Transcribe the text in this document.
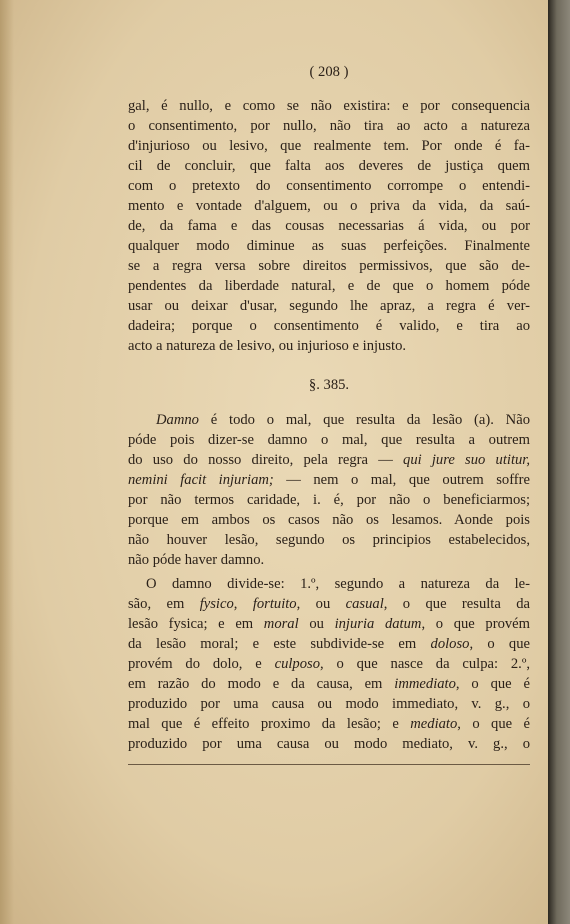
( 208 )
gal, é nullo, e como se não existira: e por consequencia
o consentimento, por nullo, não tira ao acto a natureza
d'injurioso ou lesivo, que realmente tem. Por onde é fa-
cil de concluir, que falta aos deveres de justiça quem
com o pretexto do consentimento corrompe o entendi-
mento e vontade d'alguem, ou o priva da vida, da saú-
de, da fama e das cousas necessarias á vida, ou por
qualquer modo diminue as suas perfeições. Finalmente
se a regra versa sobre direitos permissivos, que são de-
pendentes da liberdade natural, e de que o homem póde
usar ou deixar d'usar, segundo lhe apraz, a regra é ver-
dadeira; porque o consentimento é valido, e tira ao
acto a natureza de lesivo, ou injurioso e injusto.
§. 385.
Damno é todo o mal, que resulta da lesão (a). Não
póde pois dizer-se damno o mal, que resulta a outrem
do uso do nosso direito, pela regra — qui jure suo utitur,
nemini facit injuriam; — nem o mal, que outrem soffre
por não termos caridade, i. é, por não o beneficiarmos;
porque em ambos os casos não os lesamos. Aonde pois
não houver lesão, segundo os principios estabelecidos,
não póde haver damno.
O damno divide-se: 1.º, segundo a natureza da le-
são, em fysico, fortuito, ou casual, o que resulta da
lesão fysica; e em moral ou injuria datum, o que provém
da lesão moral; e este subdivide-se em doloso, o que
provém do dolo, e culposo, o que nasce da culpa: 2.º,
em razão do modo e da causa, em immediato, o que é
produzido por uma causa ou modo immediato, v. g., o
mal que é effeito proximo da lesão; e mediato, o que é
produzido por uma causa ou modo mediato, v. g., o
